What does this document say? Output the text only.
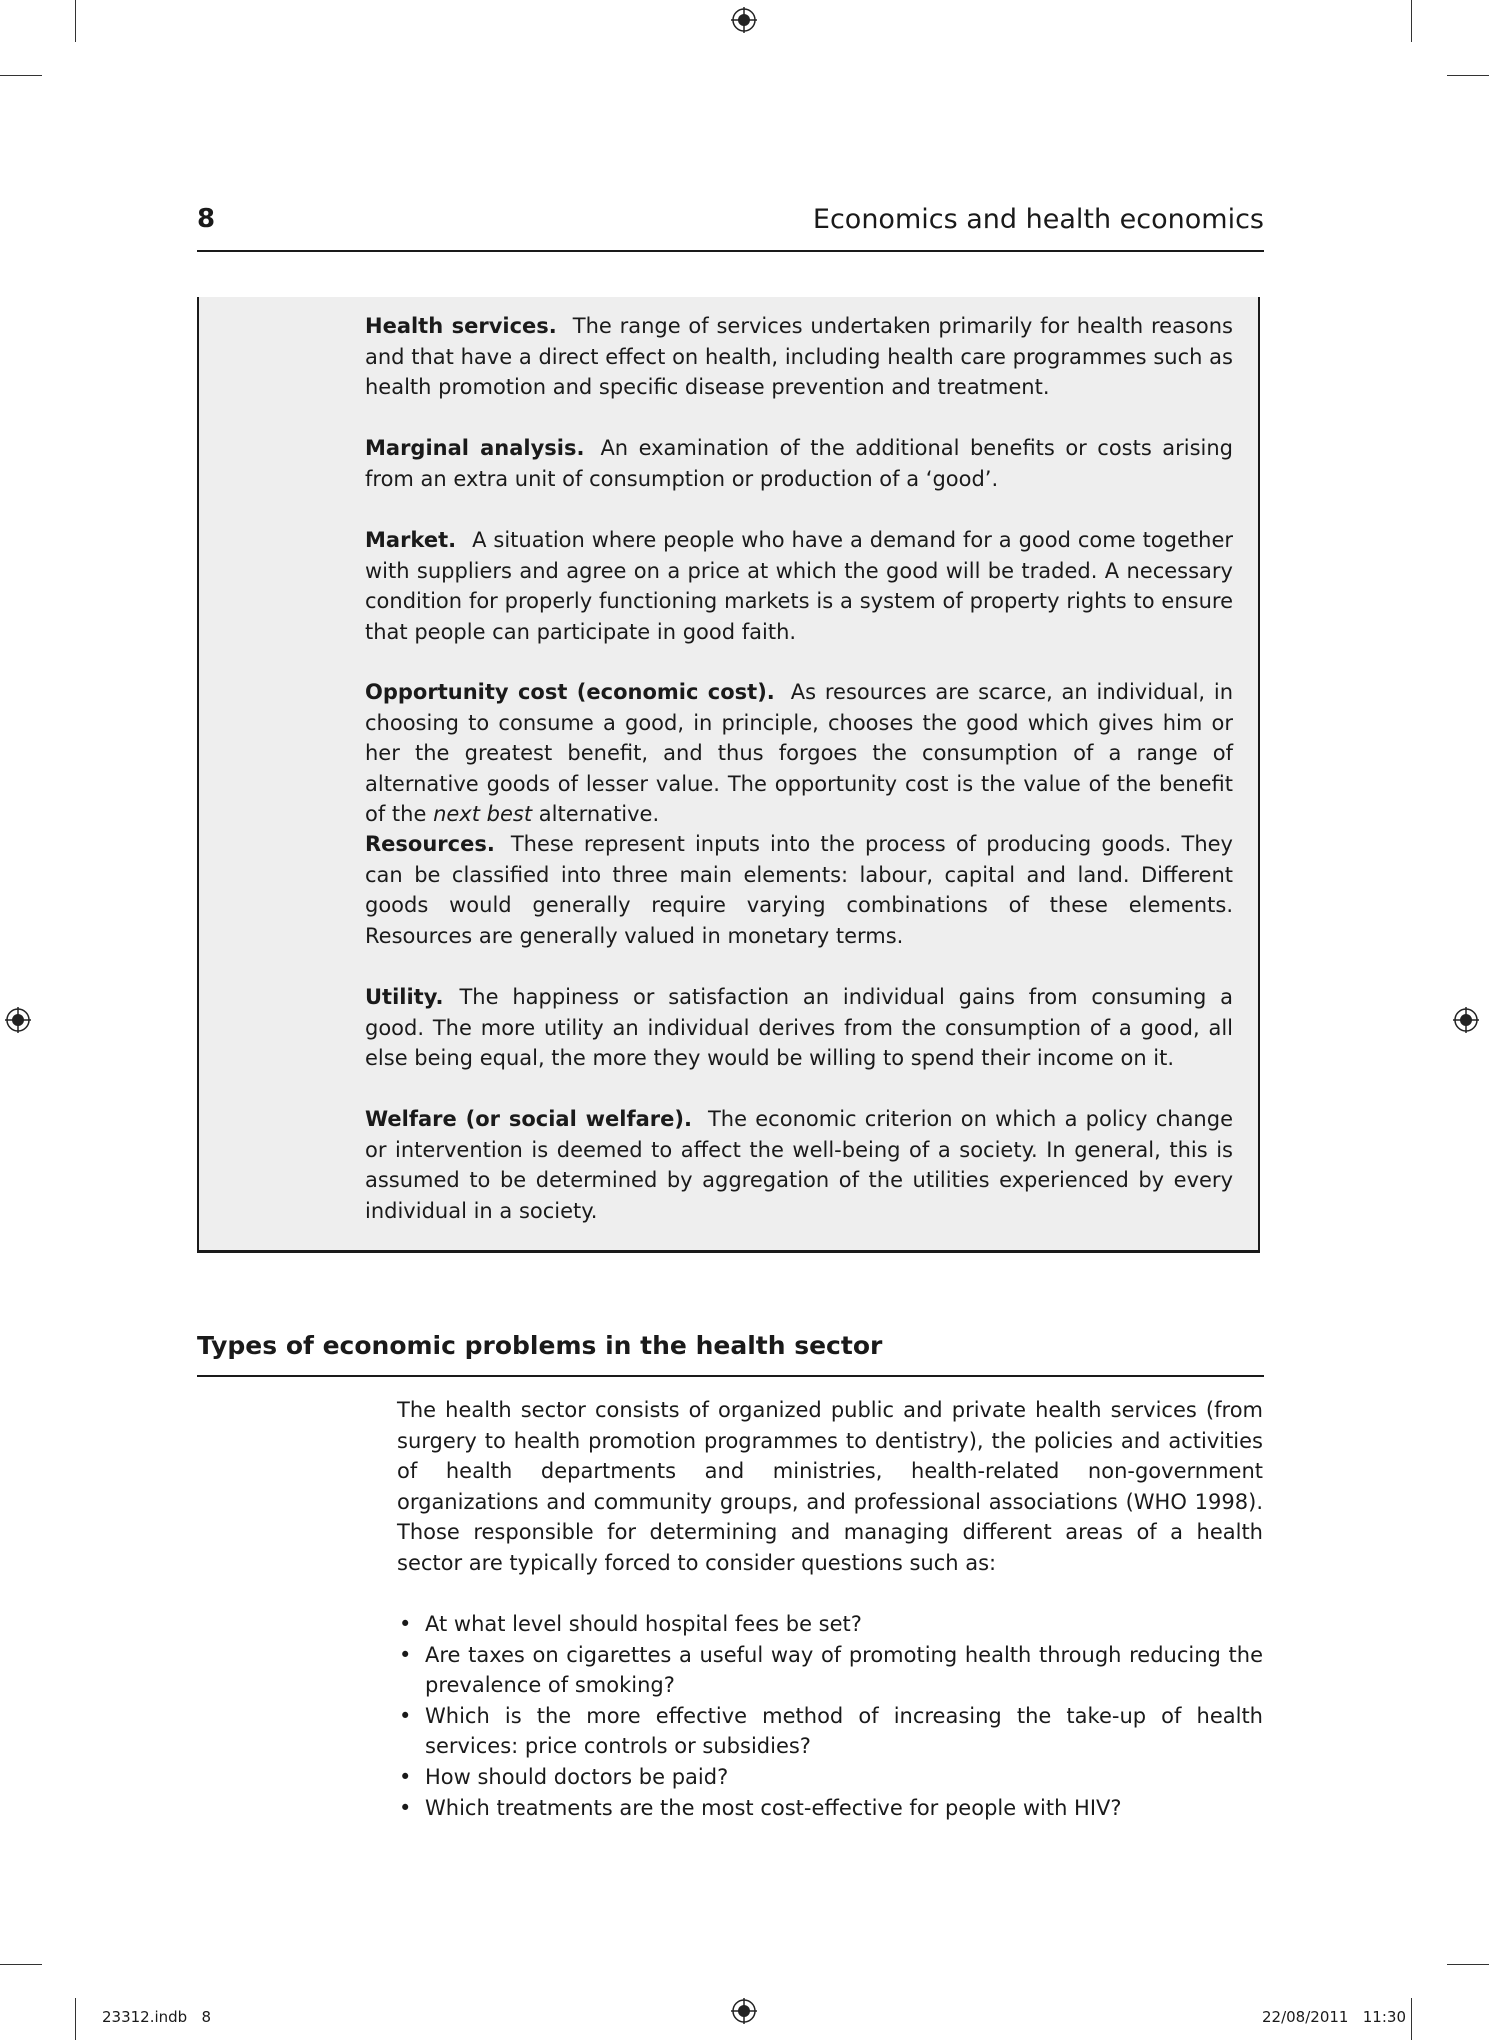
8	Economics and health economics

Health services. The range of services undertaken primarily for health reasons and that have a direct effect on health, including health care programmes such as health promotion and specific disease prevention and treatment.

Marginal analysis. An examination of the additional benefits or costs arising from an extra unit of consumption or production of a ‘good’.

Market. A situation where people who have a demand for a good come together with suppliers and agree on a price at which the good will be traded. A necessary condition for properly functioning markets is a system of property rights to ensure that people can participate in good faith.

Opportunity cost (economic cost). As resources are scarce, an individual, in choosing to consume a good, in principle, chooses the good which gives him or her the greatest benefit, and thus forgoes the consumption of a range of alternative goods of lesser value. The opportunity cost is the value of the benefit of the next best alternative.

Resources. These represent inputs into the process of producing goods. They can be classified into three main elements: labour, capital and land. Different goods would generally require varying combinations of these elements. Resources are generally valued in monetary terms.

Utility. The happiness or satisfaction an individual gains from consuming a good. The more utility an individual derives from the consumption of a good, all else being equal, the more they would be willing to spend their income on it.

Welfare (or social welfare). The economic criterion on which a policy change or intervention is deemed to affect the well-being of a society. In general, this is assumed to be determined by aggregation of the utilities experienced by every individual in a society.

Types of economic problems in the health sector

The health sector consists of organized public and private health services (from surgery to health promotion programmes to dentistry), the policies and activities of health departments and ministries, health-related non-government organizations and community groups, and professional associations (WHO 1998). Those responsible for determining and managing different areas of a health sector are typically forced to consider questions such as:

• At what level should hospital fees be set?
• Are taxes on cigarettes a useful way of promoting health through reducing the prevalence of smoking?
• Which is the more effective method of increasing the take-up of health services: price controls or subsidies?
• How should doctors be paid?
• Which treatments are the most cost-effective for people with HIV?
23312.indb   8	22/08/2011   11:30
